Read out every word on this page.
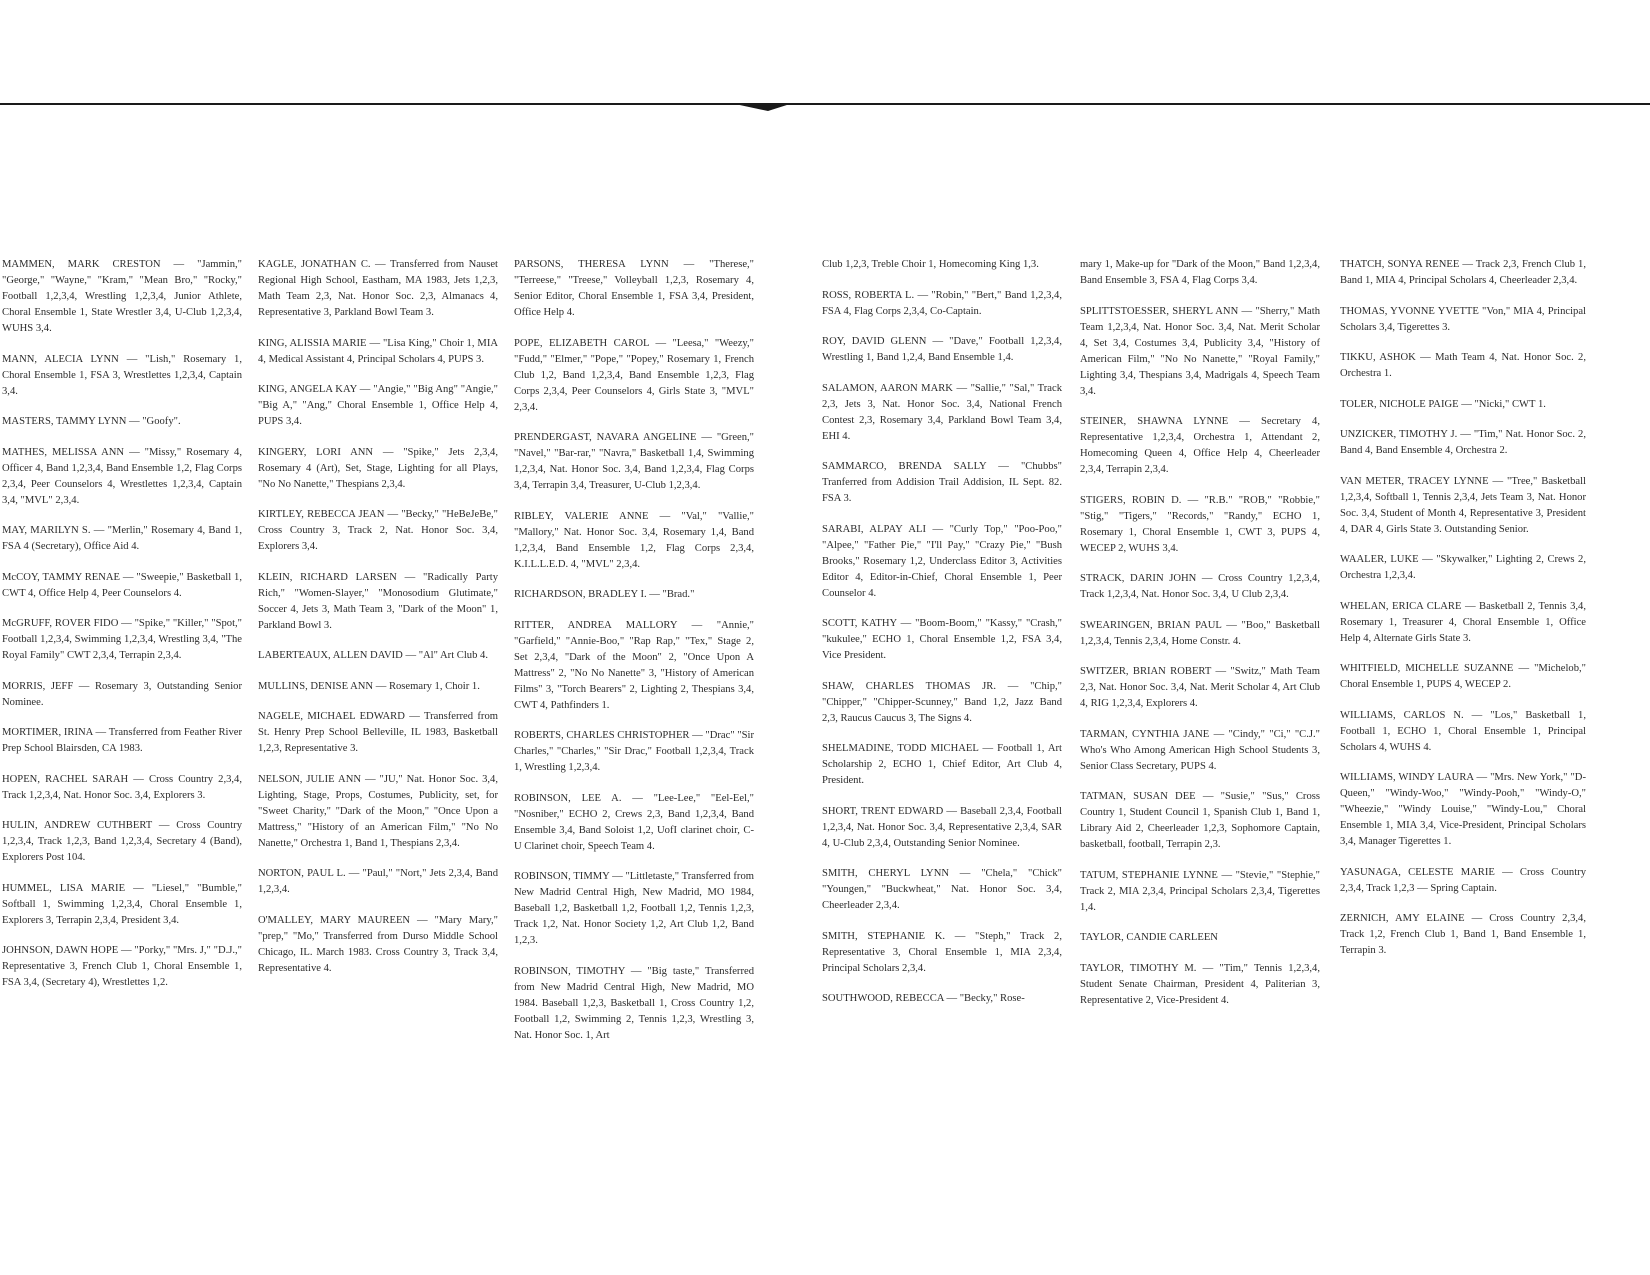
MAMMEN, MARK CRESTON — "Jammin," "George," "Wayne," "Kram," "Mean Bro," "Rocky," Football 1,2,3,4, Wrestling 1,2,3,4, Junior Athlete, Choral Ensemble 1, State Wrestler 3,4, U-Club 1,2,3,4, WUHS 3,4.

MANN, ALECIA LYNN — "Lish," Rosemary 1, Choral Ensemble 1, FSA 3, Wrestlettes 1,2,3,4, Captain 3,4.

MASTERS, TAMMY LYNN — "Goofy".

MATHES, MELISSA ANN — "Missy," Rosemary 4, Officer 4, Band 1,2,3,4, Band Ensemble 1,2, Flag Corps 2,3,4, Peer Counselors 4, Wrestlettes 1,2,3,4, Captain 3,4, "MVL" 2,3,4.

MAY, MARILYN S. — "Merlin," Rosemary 4, Band 1, FSA 4 (Secretary), Office Aid 4.

McCOY, TAMMY RENAE — "Sweepie," Basketball 1, CWT 4, Office Help 4, Peer Counselors 4.

McGRUFF, ROVER FIDO — "Spike," "Killer," "Spot," Football 1,2,3,4, Swimming 1,2,3,4, Wrestling 3,4, "The Royal Family" CWT 2,3,4, Terrapin 2,3,4.

MORRIS, JEFF — Rosemary 3, Outstanding Senior Nominee.

MORTIMER, IRINA — Transferred from Feather River Prep School Blairsden, CA 1983.

HOPEN, RACHEL SARAH — Cross Country 2,3,4, Track 1,2,3,4, Nat. Honor Soc. 3,4, Explorers 3.

HULIN, ANDREW CUTHBERT — Cross Country 1,2,3,4, Track 1,2,3, Band 1,2,3,4, Secretary 4 (Band), Explorers Post 104.

HUMMEL, LISA MARIE — "Liesel," "Bumble," Softball 1, Swimming 1,2,3,4, Choral Ensemble 1, Explorers 3, Terrapin 2,3,4, President 3,4.

JOHNSON, DAWN HOPE — "Porky," "Mrs. J," "D.J.," Representative 3, French Club 1, Choral Ensemble 1, FSA 3,4, (Secretary 4), Wrestlettes 1,2.

KAGLE, JONATHAN C. — Transferred from Nauset Regional High School, Eastham, MA 1983, Jets 1,2,3, Math Team 2,3, Nat. Honor Soc. 2,3, Almanacs 4, Representative 3, Parkland Bowl Team 3.

KING, ALISSIA MARIE — "Lisa King," Choir 1, MIA 4, Medical Assistant 4, Principal Scholars 4, PUPS 3.

KING, ANGELA KAY — "Angie," "Big Ang" "Angie," "Big A," "Ang," Choral Ensemble 1, Office Help 4, PUPS 3,4.

KINGERY, LORI ANN — "Spike," Jets 2,3,4, Rosemary 4 (Art), Set, Stage, Lighting for all Plays, "No No Nanette," Thespians 2,3,4.

KIRTLEY, REBECCA JEAN — "Becky," "HeBeJeBe," Cross Country 3, Track 2, Nat. Honor Soc. 3,4, Explorers 3,4.

KLEIN, RICHARD LARSEN — "Radically Party Rich," "Women-Slayer," "Monosodium Glutimate," Soccer 4, Jets 3, Math Team 3, "Dark of the Moon" 1, Parkland Bowl 3.

LABERTEAUX, ALLEN DAVID — "Al" Art Club 4.

MULLINS, DENISE ANN — Rosemary 1, Choir 1.

NAGELE, MICHAEL EDWARD — Transferred from St. Henry Prep School Belleville, IL 1983, Basketball 1,2,3, Representative 3.

NELSON, JULIE ANN — "JU," Nat. Honor Soc. 3,4, Lighting, Stage, Props, Costumes, Publicity, set, for "Sweet Charity," "Dark of the Moon," "Once Upon a Mattress," "History of an American Film," "No No Nanette," Orchestra 1, Band 1, Thespians 2,3,4.

NORTON, PAUL L. — "Paul," "Nort," Jets 2,3,4, Band 1,2,3,4.

O'MALLEY, MARY MAUREEN — "Mary Mary," "prep," "Mo," Transferred from Durso Middle School Chicago, IL. March 1983. Cross Country 3, Track 3,4, Representative 4.

PARSONS, THERESA LYNN — "Therese," "Terreese," "Treese," Volleyball 1,2,3, Rosemary 4, Senior Editor, Choral Ensemble 1, FSA 3,4, President, Office Help 4.

POPE, ELIZABETH CAROL — "Leesa," "Weezy," "Fudd," "Elmer," "Pope," "Popey," Rosemary 1, French Club 1,2, Band 1,2,3,4, Band Ensemble 1,2,3, Flag Corps 2,3,4, Peer Counselors 4, Girls State 3, "MVL" 2,3,4.

PRENDERGAST, NAVARA ANGELINE — "Green," "Navel," "Bar-rar," "Navra," Basketball 1,4, Swimming 1,2,3,4, Nat. Honor Soc. 3,4, Band 1,2,3,4, Flag Corps 3,4, Terrapin 3,4, Treasurer, U-Club 1,2,3,4.

RIBLEY, VALERIE ANNE — "Val," "Vallie," "Mallory," Nat. Honor Soc. 3,4, Rosemary 1,4, Band 1,2,3,4, Band Ensemble 1,2, Flag Corps 2,3,4, K.I.L.L.E.D. 4, "MVL" 2,3,4.

RICHARDSON, BRADLEY I. — "Brad."

RITTER, ANDREA MALLORY — "Annie," "Garfield," "Annie-Boo," "Rap Rap," "Tex," Stage 2, Set 2,3,4, "Dark of the Moon" 2, "Once Upon A Mattress" 2, "No No Nanette" 3, "History of American Films" 3, "Torch Bearers" 2, Lighting 2, Thespians 3,4, CWT 4, Pathfinders 1.

ROBERTS, CHARLES CHRISTOPHER — "Drac" "Sir Charles," "Charles," "Sir Drac," Football 1,2,3,4, Track 1, Wrestling 1,2,3,4.

ROBINSON, LEE A. — "Lee-Lee," "Eel-Eel," "Nosniber," ECHO 2, Crews 2,3, Band 1,2,3,4, Band Ensemble 3,4, Band Soloist 1,2, UofI clarinet choir, C-U Clarinet choir, Speech Team 4.

ROBINSON, TIMMY — "Littletaste," Transferred from New Madrid Central High, New Madrid, MO 1984, Baseball 1,2, Basketball 1,2, Football 1,2, Tennis 1,2,3, Track 1,2, Nat. Honor Society 1,2, Art Club 1,2, Band 1,2,3.

ROBINSON, TIMOTHY — "Big taste," Transferred from New Madrid Central High, New Madrid, MO 1984. Baseball 1,2,3, Basketball 1, Cross Country 1,2, Football 1,2, Swimming 2, Tennis 1,2,3, Wrestling 3, Nat. Honor Soc. 1, Art

Club 1,2,3, Treble Choir 1, Homecoming King 1,3.

ROSS, ROBERTA L. — "Robin," "Bert," Band 1,2,3,4, FSA 4, Flag Corps 2,3,4, Co-Captain.

ROY, DAVID GLENN — "Dave," Football 1,2,3,4, Wrestling 1, Band 1,2,4, Band Ensemble 1,4.

SALAMON, AARON MARK — "Sallie," "Sal," Track 2,3, Jets 3, Nat. Honor Soc. 3,4, National French Contest 2,3, Rosemary 3,4, Parkland Bowl Team 3,4, EHI 4.

SAMMARCO, BRENDA SALLY — "Chubbs" Tranferred from Addision Trail Addision, IL Sept. 82. FSA 3.

SARABI, ALPAY ALI — "Curly Top," "Poo-Poo," "Alpee," "Father Pie," "I'll Pay," "Crazy Pie," "Bush Brooks," Rosemary 1,2, Underclass Editor 3, Activities Editor 4, Editor-in-Chief, Choral Ensemble 1, Peer Counselor 4.

SCOTT, KATHY — "Boom-Boom," "Kassy," "Crash," "kukulee," ECHO 1, Choral Ensemble 1,2, FSA 3,4, Vice President.

SHAW, CHARLES THOMAS JR. — "Chip," "Chipper," "Chipper-Scunney," Band 1,2, Jazz Band 2,3, Raucus Caucus 3, The Signs 4.

SHELMADINE, TODD MICHAEL — Football 1, Art Scholarship 2, ECHO 1, Chief Editor, Art Club 4, President.

SHORT, TRENT EDWARD — Baseball 2,3,4, Football 1,2,3,4, Nat. Honor Soc. 3,4, Representative 2,3,4, SAR 4, U-Club 2,3,4, Outstanding Senior Nominee.

SMITH, CHERYL LYNN — "Chela," "Chick" "Youngen," "Buckwheat," Nat. Honor Soc. 3,4, Cheerleader 2,3,4.

SMITH, STEPHANIE K. — "Steph," Track 2, Representative 3, Choral Ensemble 1, MIA 2,3,4, Principal Scholars 2,3,4.

SOUTHWOOD, REBECCA — "Becky," Rose-

mary 1, Make-up for "Dark of the Moon," Band 1,2,3,4, Band Ensemble 3, FSA 4, Flag Corps 3,4.

SPLITTSTOESSER, SHERYL ANN — "Sherry," Math Team 1,2,3,4, Nat. Honor Soc. 3,4, Nat. Merit Scholar 4, Set 3,4, Costumes 3,4, Publicity 3,4, "History of American Film," "No No Nanette," "Royal Family," Lighting 3,4, Thespians 3,4, Madrigals 4, Speech Team 3,4.

STEINER, SHAWNA LYNNE — Secretary 4, Representative 1,2,3,4, Orchestra 1, Attendant 2, Homecoming Queen 4, Office Help 4, Cheerleader 2,3,4, Terrapin 2,3,4.

STIGERS, ROBIN D. — "R.B." "ROB," "Robbie," "Stig," "Tigers," "Records," "Randy," ECHO 1, Rosemary 1, Choral Ensemble 1, CWT 3, PUPS 4, WECEP 2, WUHS 3,4.

STRACK, DARIN JOHN — Cross Country 1,2,3,4, Track 1,2,3,4, Nat. Honor Soc. 3,4, U Club 2,3,4.

SWEARINGEN, BRIAN PAUL — "Boo," Basketball 1,2,3,4, Tennis 2,3,4, Home Constr. 4.

SWITZER, BRIAN ROBERT — "Switz," Math Team 2,3, Nat. Honor Soc. 3,4, Nat. Merit Scholar 4, Art Club 4, RIG 1,2,3,4, Explorers 4.

TARMAN, CYNTHIA JANE — "Cindy," "Ci," "C.J." Who's Who Among American High School Students 3, Senior Class Secretary, PUPS 4.

TATMAN, SUSAN DEE — "Susie," "Sus," Cross Country 1, Student Council 1, Spanish Club 1, Band 1, Library Aid 2, Cheerleader 1,2,3, Sophomore Captain, basketball, football, Terrapin 2,3.

TATUM, STEPHANIE LYNNE — "Stevie," "Stephie," Track 2, MIA 2,3,4, Principal Scholars 2,3,4, Tigerettes 1,4.

TAYLOR, CANDIE CARLEEN

TAYLOR, TIMOTHY M. — "Tim," Tennis 1,2,3,4, Student Senate Chairman, President 4, Paliterian 3, Representative 2, Vice-President 4.

THATCH, SONYA RENEE — Track 2,3, French Club 1, Band 1, MIA 4, Principal Scholars 4, Cheerleader 2,3,4.

THOMAS, YVONNE YVETTE "Von," MIA 4, Principal Scholars 3,4, Tigerettes 3.

TIKKU, ASHOK — Math Team 4, Nat. Honor Soc. 2, Orchestra 1.

TOLER, NICHOLE PAIGE — "Nicki," CWT 1.

UNZICKER, TIMOTHY J. — "Tim," Nat. Honor Soc. 2, Band 4, Band Ensemble 4, Orchestra 2.

VAN METER, TRACEY LYNNE — "Tree," Basketball 1,2,3,4, Softball 1, Tennis 2,3,4, Jets Team 3, Nat. Honor Soc. 3,4, Student of Month 4, Representative 3, President 4, DAR 4, Girls State 3. Outstanding Senior.

WAALER, LUKE — "Skywalker," Lighting 2, Crews 2, Orchestra 1,2,3,4.

WHELAN, ERICA CLARE — Basketball 2, Tennis 3,4, Rosemary 1, Treasurer 4, Choral Ensemble 1, Office Help 4, Alternate Girls State 3.

WHITFIELD, MICHELLE SUZANNE — "Michelob," Choral Ensemble 1, PUPS 4, WECEP 2.

WILLIAMS, CARLOS N. — "Los," Basketball 1, Football 1, ECHO 1, Choral Ensemble 1, Principal Scholars 4, WUHS 4.

WILLIAMS, WINDY LAURA — "Mrs. New York," "D-Queen," "Windy-Woo," "Windy-Pooh," "Windy-O," "Wheezie," "Windy Louise," "Windy-Lou," Choral Ensemble 1, MIA 3,4, Vice-President, Principal Scholars 3,4, Manager Tigerettes 1.

YASUNAGA, CELESTE MARIE — Cross Country 2,3,4, Track 1,2,3 — Spring Captain.

ZERNICH, AMY ELAINE — Cross Country 2,3,4, Track 1,2, French Club 1, Band 1, Band Ensemble 1, Terrapin 3.
